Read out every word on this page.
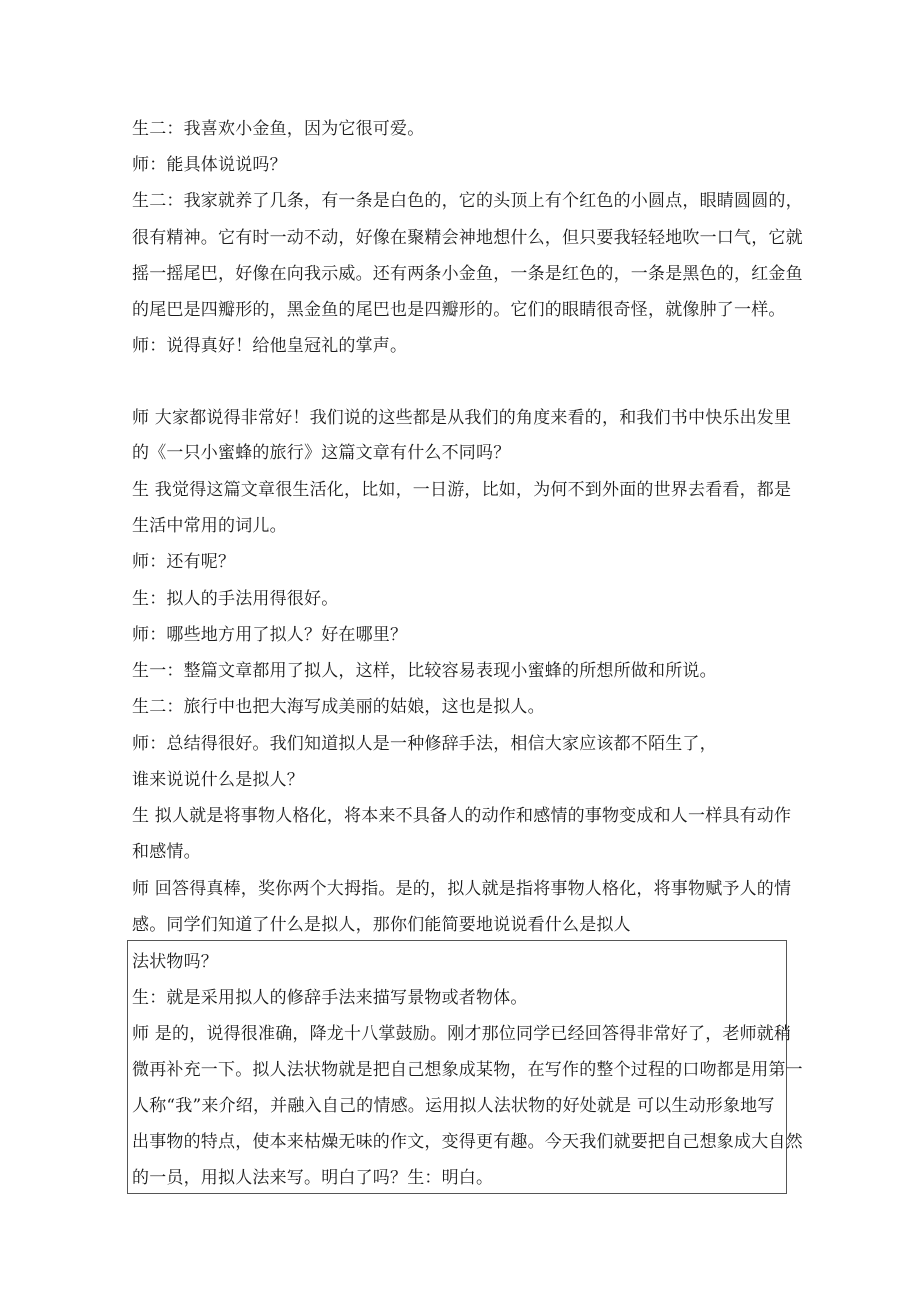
生二：我喜欢小金鱼，因为它很可爱。
师：能具体说说吗？
生二：我家就养了几条，有一条是白色的，它的头顶上有个红色的小圆点，眼睛圆圆的，
很有精神。它有时一动不动，好像在聚精会神地想什么，但只要我轻轻地吹一口气，它就
摇一摇尾巴，好像在向我示威。还有两条小金鱼，一条是红色的，一条是黑色的，红金鱼
的尾巴是四瓣形的，黑金鱼的尾巴也是四瓣形的。它们的眼睛很奇怪，就像肿了一样。
师：说得真好！给他皇冠礼的掌声。
师 大家都说得非常好！我们说的这些都是从我们的角度来看的，和我们书中快乐出发里
的《一只小蜜蜂的旅行》这篇文章有什么不同吗？
生 我觉得这篇文章很生活化，比如，一日游，比如，为何不到外面的世界去看看，都是
生活中常用的词儿。
师：还有呢？
生：拟人的手法用得很好。
师：哪些地方用了拟人？好在哪里？
生一：整篇文章都用了拟人，这样，比较容易表现小蜜蜂的所想所做和所说。
生二：旅行中也把大海写成美丽的姑娘，这也是拟人。
师：总结得很好。我们知道拟人是一种修辞手法，相信大家应该都不陌生了，
谁来说说什么是拟人？
生 拟人就是将事物人格化，将本来不具备人的动作和感情的事物变成和人一样具有动作
和感情。
师 回答得真棒，奖你两个大拇指。是的，拟人就是指将事物人格化，将事物赋予人的情
感。同学们知道了什么是拟人，那你们能简要地说说看什么是拟人
法状物吗？
生：就是采用拟人的修辞手法来描写景物或者物体。
师 是的，说得很准确，降龙十八掌鼓励。刚才那位同学已经回答得非常好了，老师就稍
微再补充一下。拟人法状物就是把自己想象成某物，在写作的整个过程的口吻都是用第一
人称“我”来介绍，并融入自己的情感。运用拟人法状物的好处就是 可以生动形象地写
出事物的特点，使本来枯燥无味的作文，变得更有趣。今天我们就要把自己想象成大自然
的一员，用拟人法来写。明白了吗？生：明白。
